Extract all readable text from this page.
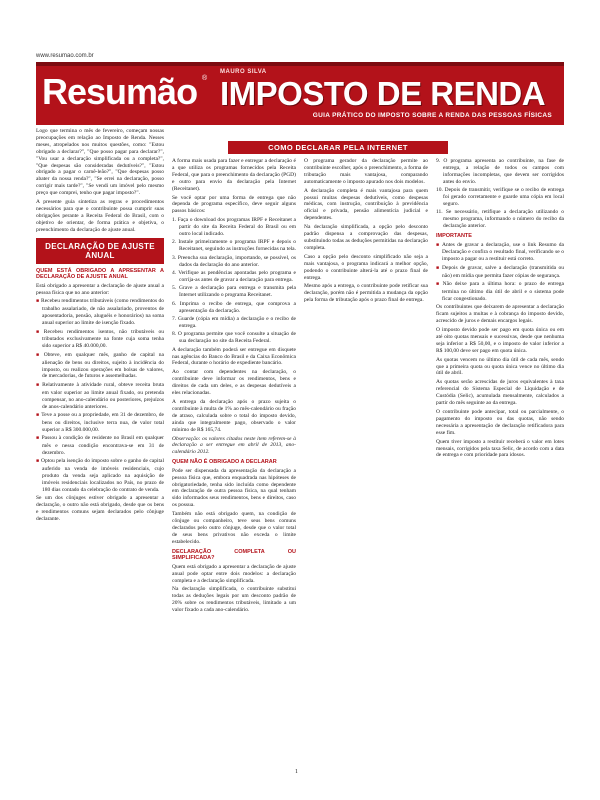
www.resumao.com.br
Resumão ®
MAURO SILVA
IMPOSTO DE RENDA
GUIA PRÁTICO DO IMPOSTO SOBRE A RENDA DAS PESSOAS FÍSICAS
COMO DECLARAR PELA INTERNET

Logo que termina o mês de fevereiro, começam nossas preocupações em relação ao Imposto de Renda. Nesses meses, atropelados nos muitos questões, como: "Estou obrigado a declarar?", "Que posso pagar para declarar?", "Vou usar a declaração simplificada ou a completa?", "Que despesas são consideradas dedutíveis?", "Estou obrigado a pagar o carnê-leão?", "Que despesas posso abater da nossa renda?", "Se errei na declaração, posso corrigir mais tarde?", "Se vendi um imóvel pelo mesmo preço que comprei, tenho que pagar imposto?".

A presente guia sintetiza as regras e procedimentos necessários para que o contribuinte possa cumprir suas obrigações perante a Receita Federal do Brasil, com o objetivo de orientar, de forma prática e objetiva, o preenchimento da declaração de ajuste anual.

DECLARAÇÃO DE AJUSTE ANUAL
QUEM ESTÁ OBRIGADO A APRESENTAR A DECLARAÇÃO DE AJUSTE ANUAL

Está obrigado a apresentar a declaração de ajuste anual a pessoa física que no ano anterior:

■ Recebeu rendimentos tributáveis (como rendimentos do trabalho assalariado, de não assalariado, proventos de aposentadoria, pensão, aluguéis e honorários) na soma anual superior ao limite de isenção fixado.
■ Recebeu rendimentos isentos, não tributáveis ou tributados exclusivamente na fonte cuja soma tenha sido superior a R$ 40.000,00.
■ Obteve, em qualquer mês, ganho de capital na alienação de bens ou direitos, sujeito à incidência do imposto, ou realizou operações em bolsas de valores, de mercadorias, de futuros e assemelhadas.
■ Relativamente à atividade rural, obteve receita bruta em valor superior ao limite anual fixado, ou pretenda compensar, no ano-calendário ou posteriores, prejuízos de anos-calendário anteriores.
■ Teve a posse ou a propriedade, em 31 de dezembro, de bens ou direitos, inclusive terra nua, de valor total superior a R$ 300.000,00.
■ Passou à condição de residente no Brasil em qualquer mês e nessa condição encontrava-se em 31 de dezembro.
■ Optou pela isenção do imposto sobre o ganho de capital auferido na venda de imóveis residenciais, cujo produto da venda seja aplicado na aquisição de imóveis residenciais localizados no País, no prazo de 180 dias contado da celebração do contrato de venda.

Se um dos cônjuges estiver obrigado a apresentar a declaração, o outro não está obrigado, desde que os bens e rendimentos comuns sejam declarados pelo cônjuge declarante.

A forma mais usada para fazer e entregar a declaração é a que utiliza os programas fornecidos pela Receita Federal, que para o preenchimento da declaração (PGD) e outro para envio da declaração pela Internet (Receitanet).

Se você optar por uma forma de entrega que não dependa de programa específico, deve seguir alguns passos básicos:

1. Faça o download dos programas IRPF e Receitanet a partir do site da Receita Federal do Brasil ou em outro local indicado.
2. Instale primeiramente o programa IRPF e depois o Receitanet, seguindo as instruções fornecidas na tela.
3. Preencha sua declaração, importando, se possível, os dados da declaração do ano anterior.
4. Verifique as pendências apontadas pelo programa e corrija-as antes de gravar a declaração para entrega.
5. Grave a declaração para entrega e transmita pela Internet utilizando o programa Receitanet.
6. Imprima o recibo de entrega, que comprova a apresentação da declaração.
7. Guarde (cópia em mídia) a declaração e o recibo de entrega.
8. O programa permite que você consulte a situação de sua declaração no site da Receita Federal.

A declaração também poderá ser entregue em disquete nas agências do Banco do Brasil e da Caixa Econômica Federal, durante o horário de expediente bancário.

Ao contar com dependentes na declaração, o contribuinte deve informar os rendimentos, bens e direitos de cada um deles, e as despesas dedutíveis a eles relacionadas.

A entrega da declaração após o prazo sujeita o contribuinte à multa de 1% ao mês-calendário ou fração de atraso, calculada sobre o total do imposto devido, ainda que integralmente pago, observado o valor mínimo de R$ 165,74.

Observação: os valores citados neste item referem-se à declaração a ser entregue em abril de 2013, ano-calendário 2012.

QUEM NÃO É OBRIGADO A DECLARAR

Pode ser dispensada da apresentação da declaração a pessoa física que, embora enquadrada nas hipóteses de obrigatoriedade, tenha sido incluída como dependente em declaração de outra pessoa física, na qual tenham sido informados seus rendimentos, bens e direitos, caso os possua.

Também não está obrigado quem, na condição de cônjuge ou companheiro, teve seus bens comuns declarados pelo outro cônjuge, desde que o valor total de seus bens privativos não exceda o limite estabelecido.

DECLARAÇÃO COMPLETA OU SIMPLIFICADA?

Quem está obrigado a apresentar a declaração de ajuste anual pode optar entre dois modelos: a declaração completa e a declaração simplificada.

Na declaração simplificada, o contribuinte substitui todas as deduções legais por um desconto padrão de 20% sobre os rendimentos tributáveis, limitado a um valor fixado a cada ano-calendário.

O programa gerador da declaração permite ao contribuinte escolher, após o preenchimento, a forma de tributação mais vantajosa, comparando automaticamente o imposto apurado nos dois modelos.

A declaração completa é mais vantajosa para quem possui muitas despesas dedutíveis, como despesas médicas, com instrução, contribuição à previdência oficial e privada, pensão alimentícia judicial e dependentes.

Na declaração simplificada, a opção pelo desconto padrão dispensa a comprovação das despesas, substituindo todas as deduções permitidas na declaração completa.

Caso a opção pelo desconto simplificado não seja a mais vantajosa, o programa indicará a melhor opção, podendo o contribuinte alterá-la até o prazo final de entrega.

Mesmo após a entrega, o contribuinte pode retificar sua declaração, porém não é permitida a mudança da opção pela forma de tributação após o prazo final de entrega.

9. O programa apresenta ao contribuinte, na fase de entrega, a relação de todos os campos com informações incompletas, que devem ser corrigidos antes do envio.
10. Depois de transmitir, verifique se o recibo de entrega foi gerado corretamente e guarde uma cópia em local seguro.
11. Se necessário, retifique a declaração utilizando o mesmo programa, informando o número do recibo da declaração anterior.
IMPORTANTE
■ Antes de gravar a declaração, use o link Resumo da Declaração e confira o resultado final, verificando se o imposto a pagar ou a restituir está correto.
■ Depois de gravar, salve a declaração (transmitida ou não) em mídia que permita fazer cópias de segurança.
■ Não deixe para a última hora: o prazo de entrega termina no último dia útil de abril e o sistema pode ficar congestionado.

Os contribuintes que deixarem de apresentar a declaração ficam sujeitos a multas e à cobrança do imposto devido, acrescido de juros e demais encargos legais.

O imposto devido pode ser pago em quota única ou em até oito quotas mensais e sucessivas, desde que nenhuma seja inferior a R$ 50,00, e o imposto de valor inferior a R$ 100,00 deve ser pago em quota única.

As quotas vencem no último dia útil de cada mês, sendo que a primeira quota ou quota única vence no último dia útil de abril.

As quotas serão acrescidas de juros equivalentes à taxa referencial do Sistema Especial de Liquidação e de Custódia (Selic), acumulada mensalmente, calculados a partir do mês seguinte ao da entrega.

O contribuinte pode antecipar, total ou parcialmente, o pagamento do imposto ou das quotas, não sendo necessária a apresentação de declaração retificadora para esse fim.

Quem tiver imposto a restituir receberá o valor em lotes mensais, corrigidos pela taxa Selic, de acordo com a data de entrega e com prioridade para idosos.

1
